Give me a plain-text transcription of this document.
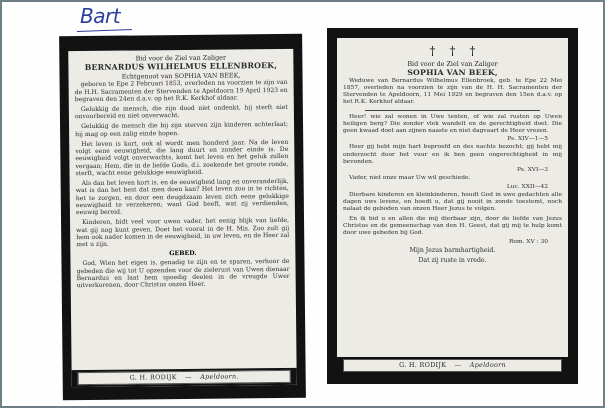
Bart

Bid voor de Ziel van Zaliger

BERNARDUS WILHELMUS ELLENBROEK,

Echtgenoot van SOPHIA VAN BEEK,

geboren te Epe 2 Februari 1853, overleden na voorzien te zijn van de H.H. Sacramenten der Stervenden te Apeldoorn 19 April 1923 en begraven den 24en d.a.v. op het R.K. Kerkhof aldaar.

Gelukkig de mensch, die zijn dood niet ondenkt, hij sterft niet onvoorbereid en niet onverwacht.

Gelukkig de mensch die bij zijn sterven zijn kinderen achterlaat; hij mag op een zalig einde hopen.

Het leven is kort, ook al wordt men honderd jaar. Na de leven volgt eene eeuwigheid, die lang duurt en zonder einde is. De eeuwigheid volgt onverwachts, komt het leven en het geluk zullen vergaan; Hem, die in de liefde Gods, d.i. zoekende het groote ronde, sterft, wacht eene gelukkige eeuwigheid.

Als dan het leven kort is, en de eeuwigheid lang en onveranderlijk, wat is dan het best dat men doen kan? Het leven zoo in te richten, het te zorgen, en door een deugdzaam leven zich eene gelukkige eeuwigheid te verzekeren; want God heeft, wat zij verdienden, eeuwig bereid.

Kinderen, bidt veel voor uwen vader, het eenig blijk van liefde, wat gij nog kunt geven. Doet het vooral in de H. Mis. Zoo zult gij hem ook nader komen in de eeuwigheid, in uw leven, en de Heer zal met u zijn.

GEBED.

God, Wien het eigen is, genadig te zijn en te sparen, verhoor de gebeden die wij tot U opzenden voor de zielerust van Uwen dienaar Bernardus en laat hem spoedig deelen in de vreugde Uwer uitverkorenen, door Christus onzen Heer.

G. H. RODIJK — Apeldoorn.
†††

Bid voor de Ziel van Zaliger

SOPHIA VAN BEEK,

Weduwe van Bernardus Wilhelmus Ellenbroek, geb. te Epe 22 Mei 1857, overleden na voorzien te zijn van de H. H. Sacramenten der Stervenden te Apeldoorn, 11 Mei 1929 en begraven den 15en d.a.v. op het R.K. Kerkhof aldaar.

Heer! wie zal wonen in Uwe tenten, of wie zal rusten op Uwen heiligen berg? Die zonder vlek wandelt en de gerechtigheid doet. Die geen kwaad doet aan zijnen naaste en niet dagvaart de Heer vrezen.

Ps. XIV—1—5

Heer gij hebt mijn hart beproefd en des nachts bezocht; gij hebt mij onderzocht door het vuur en ik ben geen ongerechtigheid in mij bevonden.

Ps. XVI—3

Vader, niet onze maar Uw wil geschiede.

Luc. XXII—42

Dierbare kinderen en kleinkinderen, houdt God in uwe gedachten alle dagen uws levens, en hoedt u, dat gij nooit in zonde toestemt, noch nalaat de geboden van onzen Heer Jezus te volgen.

En ik bid u en allen die mij dierbaar zijn, door de liefde van Jezus Christus en de gemeenschap van den H. Geest, dat gij mij te hulp komt door uwe gebeden bij God.

Rom. XV : 30
Mijn Jezus barmhartigheid.
Dat zij ruste in vrede.
G. H. RODIJK — Apeldoorn
